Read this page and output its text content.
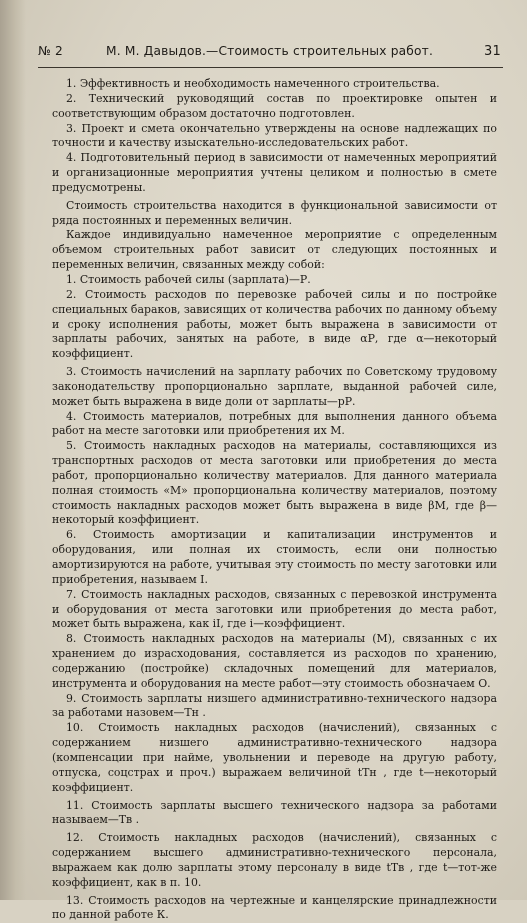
№ 2	М. М. Давыдов.—Стоимость строительных работ.	31

1. Эффективность и необходимость намеченного строительства.

2. Технический руководящий состав по проектировке опытен и соответствующим образом достаточно подготовлен.

3. Проект и смета окончательно утверждены на основе надлежащих по точности и качеству изыскательно-исследовательских работ.

4. Подготовительный период в зависимости от намеченных мероприятий и организационные мероприятия учтены целиком и полностью в смете предусмотрены.

Стоимость строительства находится в функциональной зависимости от ряда постоянных и переменных величин.

Каждое индивидуально намеченное мероприятие с определенным объемом строительных работ зависит от следующих постоянных и переменных величин, связанных между собой:

1. Стоимость рабочей силы (зарплата)—Р.

2. Стоимость расходов по перевозке рабочей силы и по постройке специальных бараков, зависящих от количества рабочих по данному объему и сроку исполнения работы, может быть выражена в зависимости от зарплаты рабочих, занятых на работе, в виде αР, где α—некоторый коэффициент.

3. Стоимость начислений на зарплату рабочих по Советскому трудовому законодательству пропорционально зарплате, выданной рабочей силе, может быть выражена в виде доли от зарплаты—рР.

4. Стоимость материалов, потребных для выполнения данного объема работ на месте заготовки или приобретения их М.

5. Стоимость накладных расходов на материалы, составляющихся из транспортных расходов от места заготовки или приобретения до места работ, пропорционально количеству материалов. Для данного материала полная стоимость «М» пропорциональна количеству материалов, поэтому стоимость накладных расходов может быть выражена в виде βМ, где β—некоторый коэффициент.

6. Стоимость амортизации и капитализации инструментов и оборудования, или полная их стоимость, если они полностью амортизируются на работе, учитывая эту стоимость по месту заготовки или приобретения, называем I.

7. Стоимость накладных расходов, связанных с перевозкой инструмента и оборудования от места заготовки или приобретения до места работ, может быть выражена, как iI, где i—коэффициент.

8. Стоимость накладных расходов на материалы (М), связанных с их хранением до израсходования, составляется из расходов по хранению, содержанию (постройке) складочных помещений для материалов, инструмента и оборудования на месте работ—эту стоимость обозначаем О.

9. Стоимость зарплаты низшего административно-технического надзора за работами назовем—Тн .

10. Стоимость накладных расходов (начислений), связанных с содержанием низшего административно-технического надзора (компенсации при найме, увольнении и переводе на другую работу, отпуска, соцстрах и проч.) выражаем величиной tТн , где t—некоторый коэффициент.

11. Стоимость зарплаты высшего технического надзора за работами называем—Тв .

12. Стоимость накладных расходов (начислений), связанных с содержанием высшего административно-технического персонала, выражаем как долю зарплаты этому персоналу в виде tТв , где t—тот-же коэффициент, как в п. 10.

13. Стоимость расходов на чертежные и канцелярские принадлежности по данной работе К.
